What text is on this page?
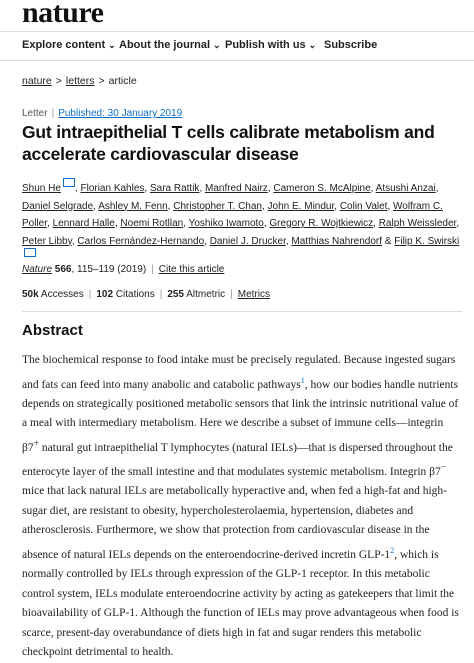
nature
Explore content ⌄ About the journal ⌄ Publish with us ⌄ Subscribe
nature > letters > article
Letter | Published: 30 January 2019
Gut intraepithelial T cells calibrate metabolism and accelerate cardiovascular disease
Shun He , Florian Kahles, Sara Rattik, Manfred Nairz, Cameron S. McAlpine, Atsushi Anzai, Daniel Selgrade, Ashley M. Fenn, Christopher T. Chan, John E. Mindur, Colin Valet, Wolfram C. Poller, Lennard Halle, Noemi Rotllan, Yoshiko Iwamoto, Gregory R. Wojtkiewicz, Ralph Weissleder, Peter Libby, Carlos Fernández-Hernando, Daniel J. Drucker, Matthias Nahrendorf & Filip K. Swirski
Nature 566, 115–119 (2019) | Cite this article
50k Accesses | 102 Citations | 255 Altmetric | Metrics
Abstract

The biochemical response to food intake must be precisely regulated. Because ingested sugars and fats can feed into many anabolic and catabolic pathways$^1$, how our bodies handle nutrients depends on strategically positioned metabolic sensors that link the intrinsic nutritional value of a meal with intermediary metabolism. Here we describe a subset of immune cells—integrin β7+ natural gut intraepithelial T lymphocytes (natural IELs)—that is dispersed throughout the enterocyte layer of the small intestine and that modulates systemic metabolism. Integrin β7− mice that lack natural IELs are metabolically hyperactive and, when fed a high-fat and high-sugar diet, are resistant to obesity, hypercholesterolaemia, hypertension, diabetes and atherosclerosis. Furthermore, we show that protection from cardiovascular disease in the absence of natural IELs depends on the enteroendocrine-derived incretin GLP-$1^2$, which is normally controlled by IELs through expression of the GLP-1 receptor. In this metabolic control system, IELs modulate enteroendocrine activity by acting as gatekeepers that limit the bioavailability of GLP-1. Although the function of IELs may prove advantageous when food is scarce, present-day overabundance of diets high in fat and sugar renders this metabolic checkpoint detrimental to health.
